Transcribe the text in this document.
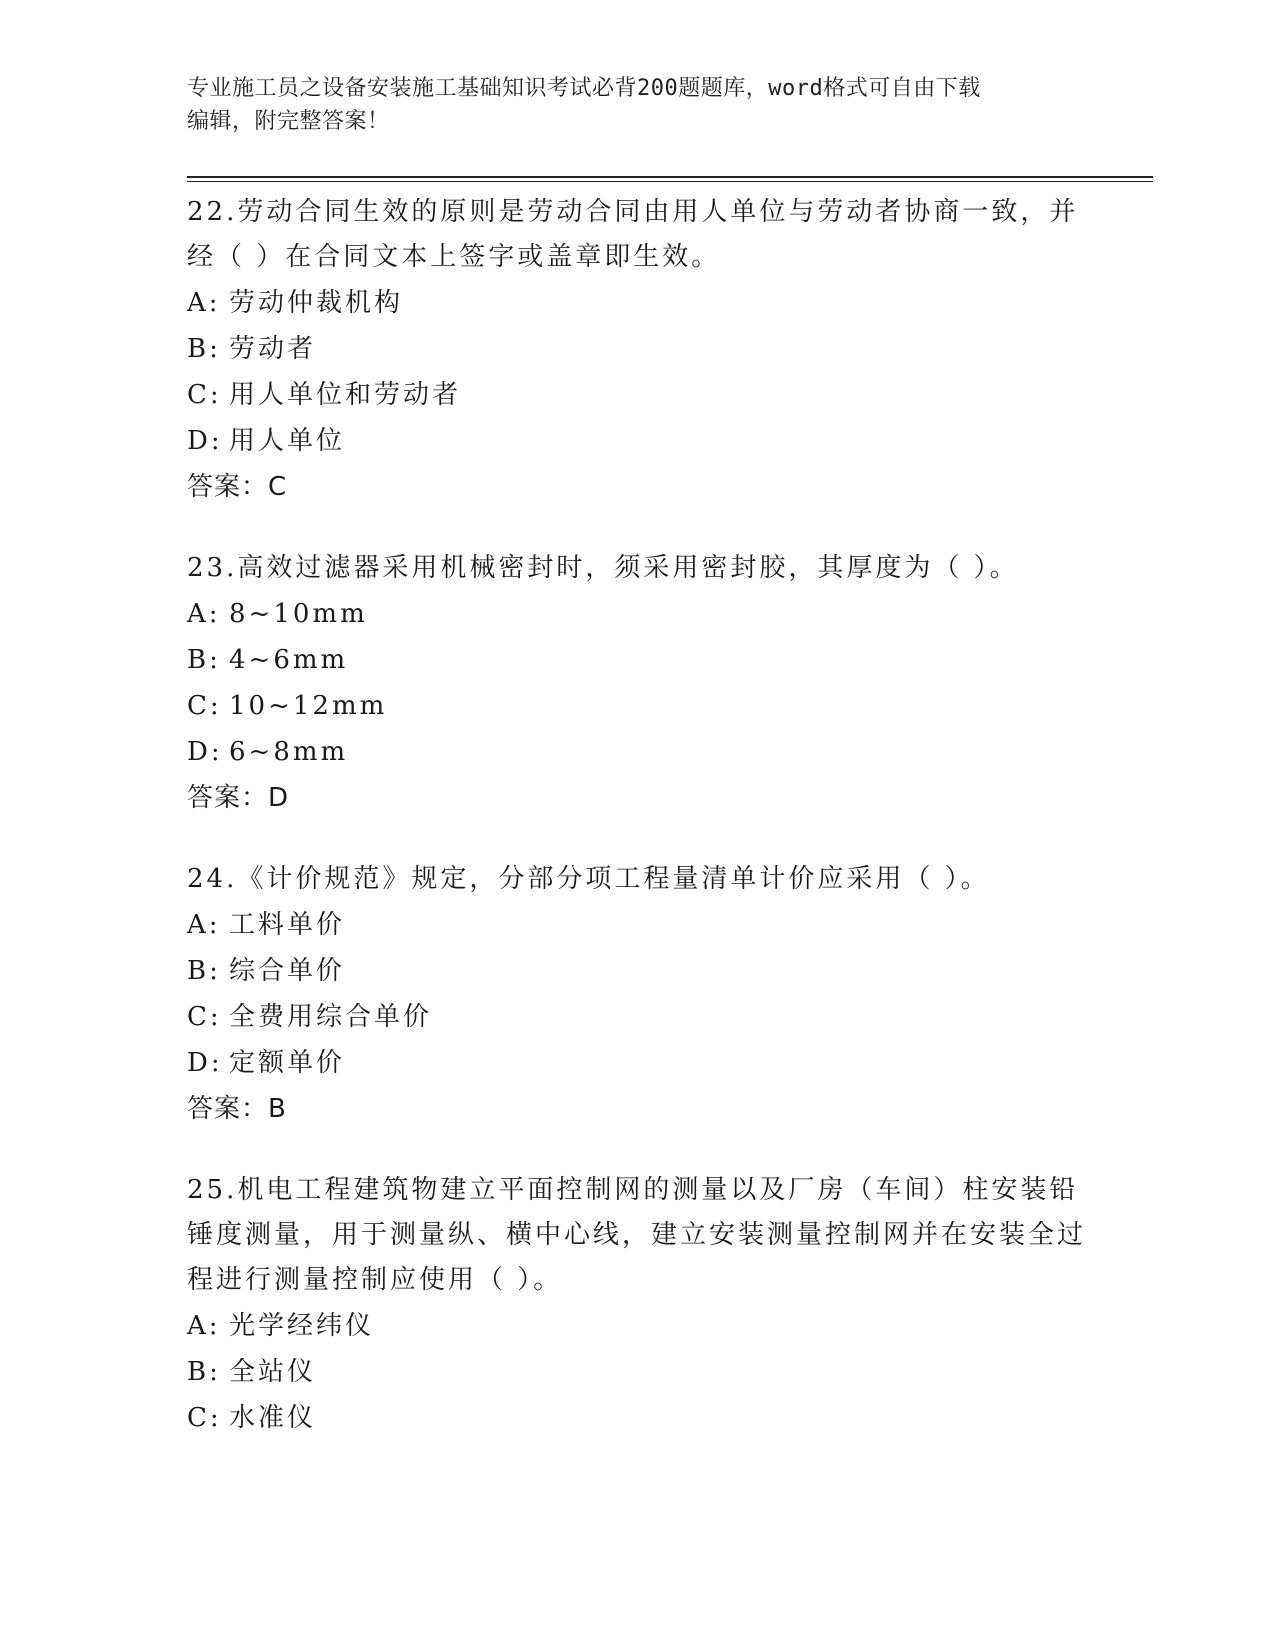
专业施工员之设备安装施工基础知识考试必背200题题库，word格式可自由下载
编辑，附完整答案！

22.劳动合同生效的原则是劳动合同由用人单位与劳动者协商一致，并经（ ）在合同文本上签字或盖章即生效。

A: 劳动仲裁机构

B: 劳动者

C: 用人单位和劳动者

D: 用人单位

答案：C

23.高效过滤器采用机械密封时，须采用密封胶，其厚度为（ ）。

A: 8~10mm

B: 4~6mm

C: 10~12mm

D: 6~8mm

答案：D

24.《计价规范》规定，分部分项工程量清单计价应采用（ ）。

A: 工料单价

B: 综合单价

C: 全费用综合单价

D: 定额单价

答案：B

25.机电工程建筑物建立平面控制网的测量以及厂房（车间）柱安装铅锤度测量，用于测量纵、横中心线，建立安装测量控制网并在安装全过程进行测量控制应使用（ ）。

A: 光学经纬仪

B: 全站仪

C: 水准仪
